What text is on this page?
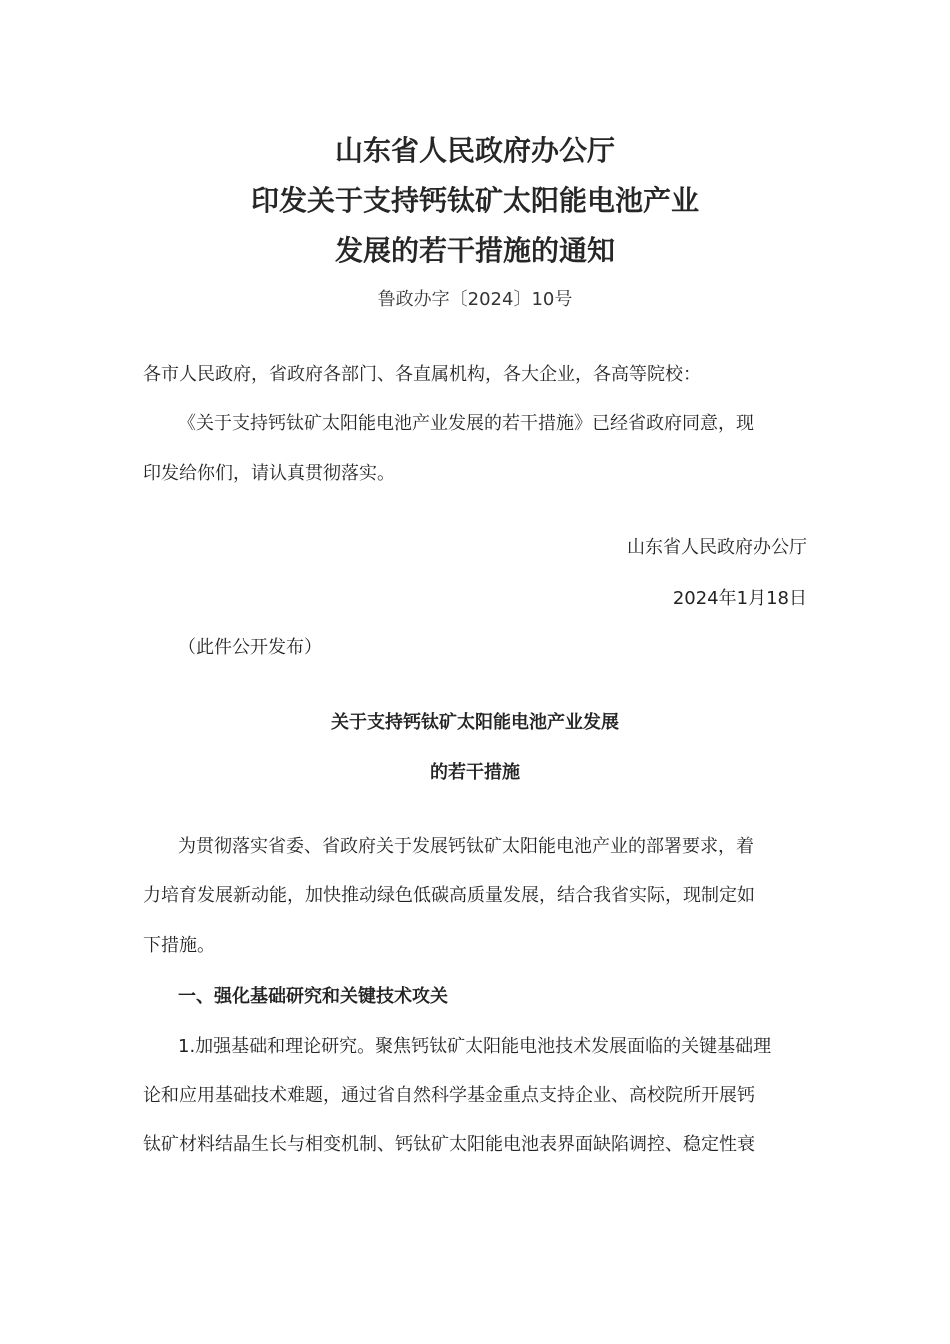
山东省人民政府办公厅
印发关于支持钙钛矿太阳能电池产业
发展的若干措施的通知
鲁政办字〔2024〕10号
各市人民政府，省政府各部门、各直属机构，各大企业，各高等院校：
《关于支持钙钛矿太阳能电池产业发展的若干措施》已经省政府同意，现
印发给你们，请认真贯彻落实。
山东省人民政府办公厅
2024年1月18日
（此件公开发布）
关于支持钙钛矿太阳能电池产业发展
的若干措施
为贯彻落实省委、省政府关于发展钙钛矿太阳能电池产业的部署要求，着
力培育发展新动能，加快推动绿色低碳高质量发展，结合我省实际，现制定如
下措施。
一、强化基础研究和关键技术攻关
1.加强基础和理论研究。聚焦钙钛矿太阳能电池技术发展面临的关键基础理
论和应用基础技术难题，通过省自然科学基金重点支持企业、高校院所开展钙
钛矿材料结晶生长与相变机制、钙钛矿太阳能电池表界面缺陷调控、稳定性衰
